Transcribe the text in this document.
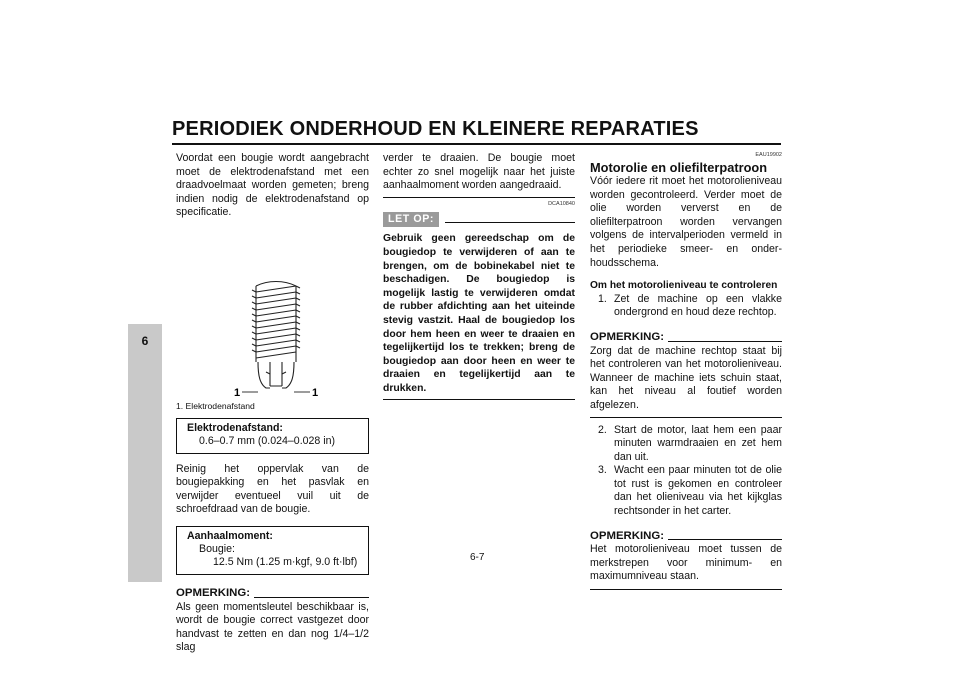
PERIODIEK ONDERHOUD EN KLEINERE REPARATIES
6

Voordat een bougie wordt aangebracht moet de elektrodenafstand met een draadvoelmaat worden gemeten; breng indien nodig de elektrodenafstand op specificatie.

1	1
1. Elektrodenafstand
Elektrodenafstand:
0.6–0.7 mm (0.024–0.028 in)

Reinig het oppervlak van de bougiepakking en het pasvlak en verwijder eventueel vuil uit de schroefdraad van de bougie.

Aanhaalmoment:
Bougie:
12.5 Nm (1.25 m·kgf, 9.0 ft·lbf)
OPMERKING:

Als geen momentsleutel beschikbaar is, wordt de bougie correct vastgezet door handvast te zetten en dan nog 1/4–1/2 slag

verder te draaien. De bougie moet echter zo snel mogelijk naar het juiste aanhaalmoment worden aangedraaid.

DCA10840
LET OP:

Gebruik geen gereedschap om de bougiedop te verwijderen of aan te brengen, om de bobinekabel niet te beschadigen. De bougiedop is mogelijk lastig te verwijderen omdat de rubber afdichting aan het uiteinde stevig vastzit. Haal de bougiedop los door hem heen en weer te draaien en tegelijkertijd los te trekken; breng de bougiedop aan door heen en weer te draaien en tegelijkertijd aan te drukken.

EAU19902
Motorolie en oliefilterpatroon

Vóór iedere rit moet het motorolieniveau worden gecontroleerd. Verder moet de olie worden ververst en de oliefilterpatroon worden vervangen volgens de intervalperioden vermeld in het periodieke smeer- en onderhoudsschema.

Om het motorolieniveau te controleren
1. Zet de machine op een vlakke ondergrond en houd deze rechtop.
OPMERKING:

Zorg dat de machine rechtop staat bij het controleren van het motorolieniveau. Wanneer de machine iets schuin staat, kan het niveau al foutief worden afgelezen.

2. Start de motor, laat hem een paar minuten warmdraaien en zet hem dan uit.
3. Wacht een paar minuten tot de olie tot rust is gekomen en controleer dan het olieniveau via het kijkglas rechtsonder in het carter.
OPMERKING:

Het motorolieniveau moet tussen de merkstrepen voor minimum- en maximumniveau staan.

6-7
